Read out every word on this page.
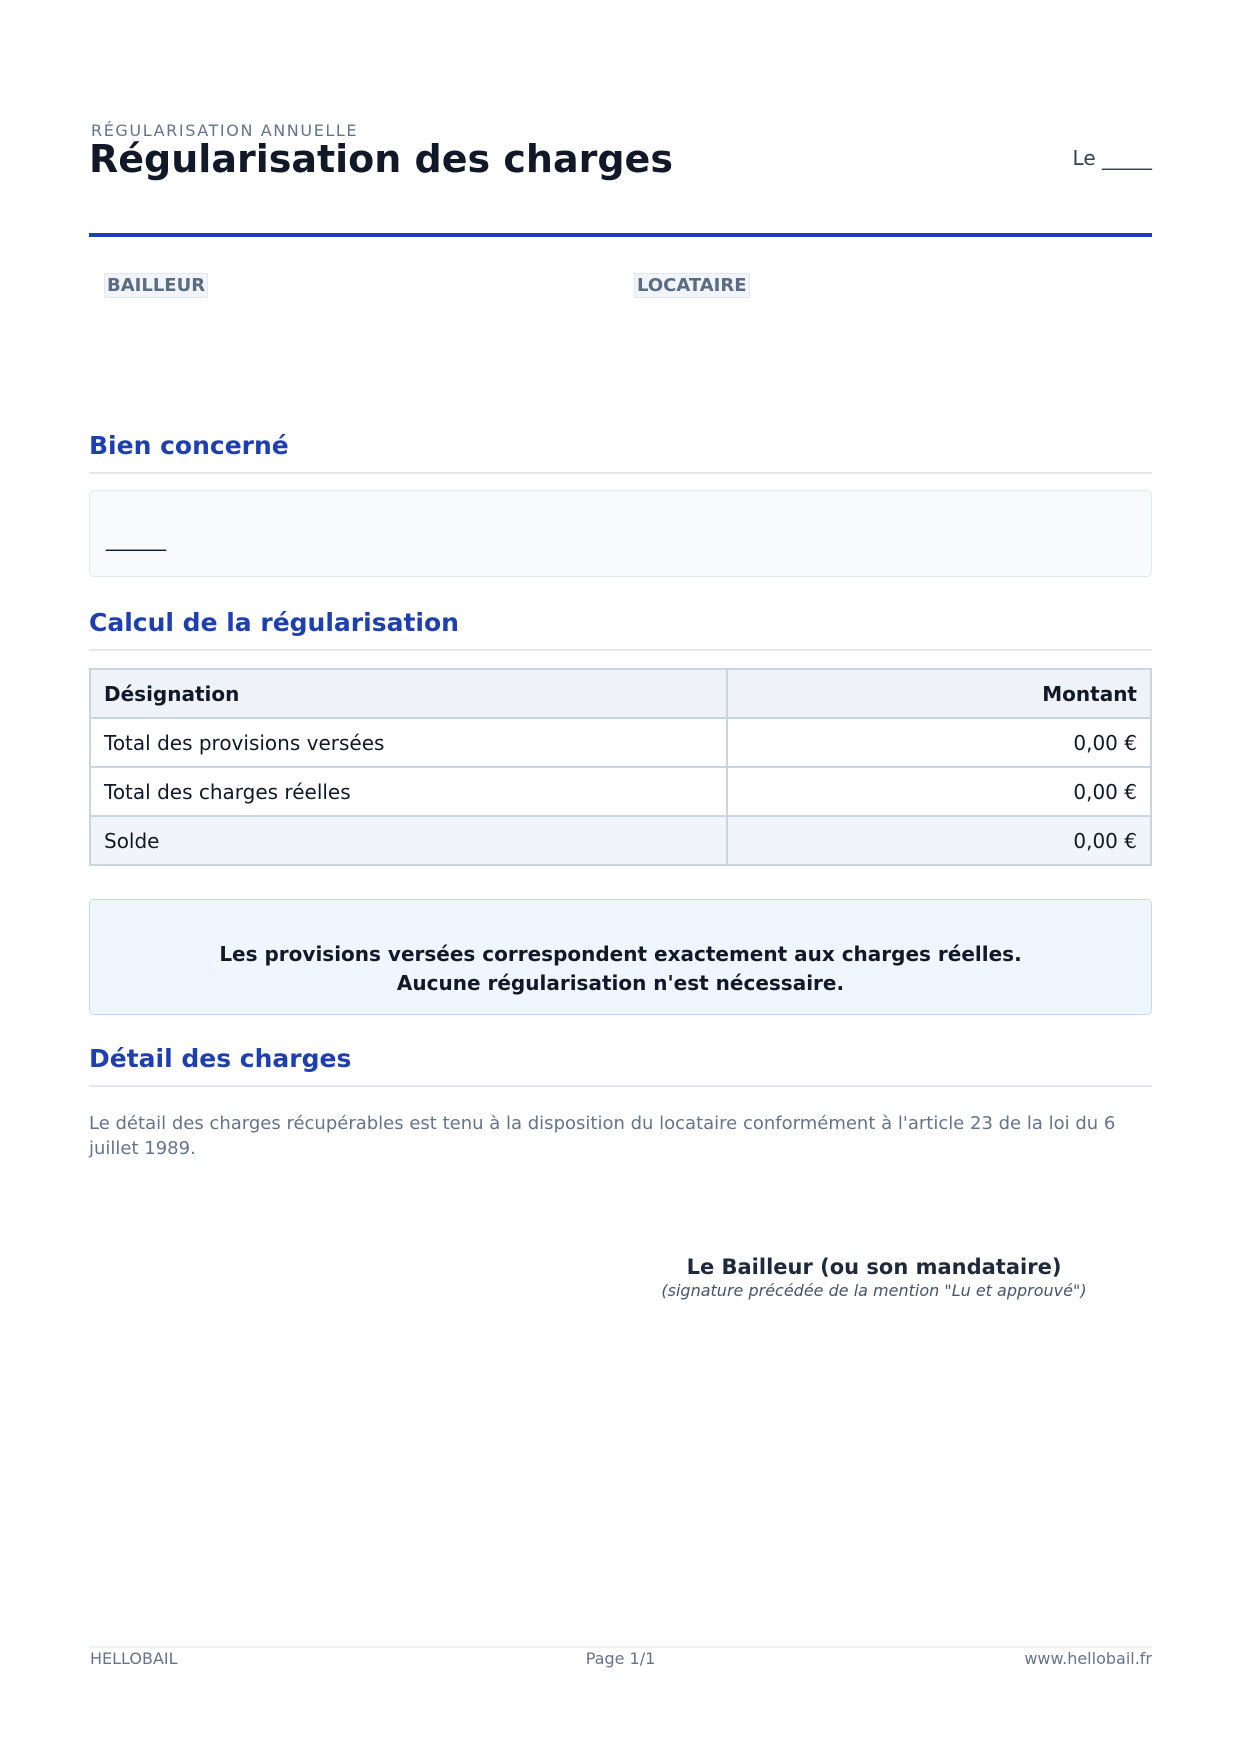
RÉGULARISATION ANNUELLE
Régularisation des charges	Le _____
BAILLEUR	LOCATAIRE
Bien concerné
______
Calcul de la régularisation
Désignation	Montant
Total des provisions versées	0,00 €
Total des charges réelles	0,00 €
Solde	0,00 €

Les provisions versées correspondent exactement aux charges réelles.

Aucune régularisation n'est nécessaire.

Détail des charges

Le détail des charges récupérables est tenu à la disposition du locataire conformément à l'article 23 de la loi du 6 juillet 1989.

Le Bailleur (ou son mandataire)
(signature précédée de la mention "Lu et approuvé")
HELLOBAIL	Page 1/1	www.hellobail.fr
